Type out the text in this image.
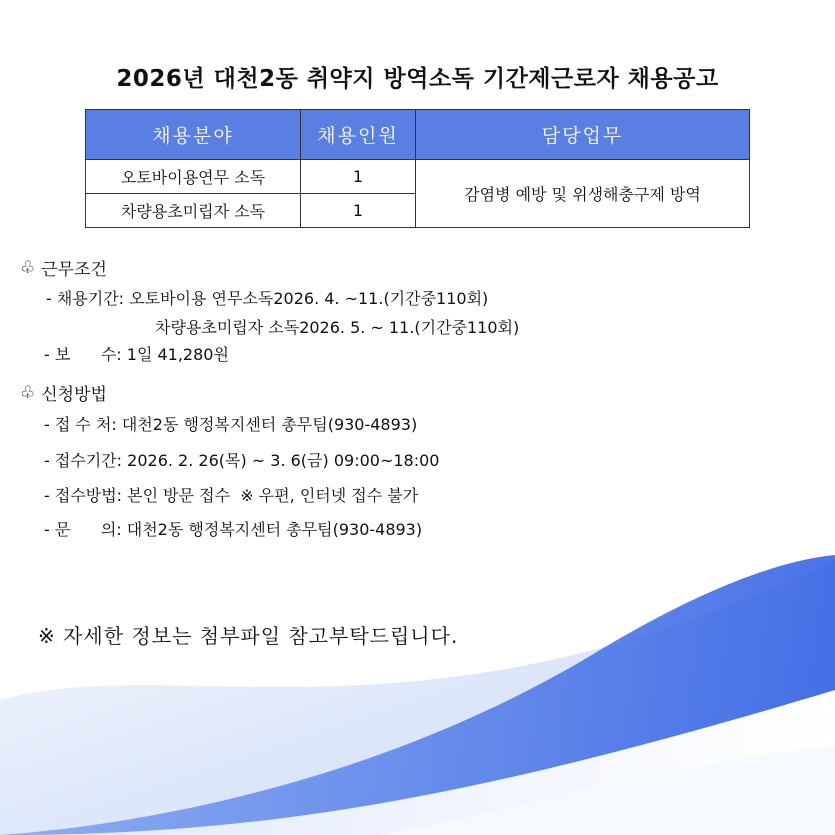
2026년 대천2동 취약지 방역소독 기간제근로자 채용공고
채용분야	채용인원	담당업무
오토바이용연무 소독	1	감염병 예방 및 위생해충구제 방역
차량용초미립자 소독	1	
♧ 근무조건
- 채용기간: 오토바이용 연무소독2026. 4. ~11.(기간중110회)
차량용초미립자 소독2026. 5. ~ 11.(기간중110회)
- 보      수: 1일 41,280원
♧ 신청방법
- 접 수 처: 대천2동 행정복지센터 총무팀(930-4893)
- 접수기간: 2026. 2. 26(목) ~ 3. 6(금) 09:00~18:00
- 접수방법: 본인 방문 접수  ※ 우편, 인터넷 접수 불가
- 문      의: 대천2동 행정복지센터 총무팀(930-4893)
※ 자세한 정보는 첨부파일 참고부탁드립니다.
